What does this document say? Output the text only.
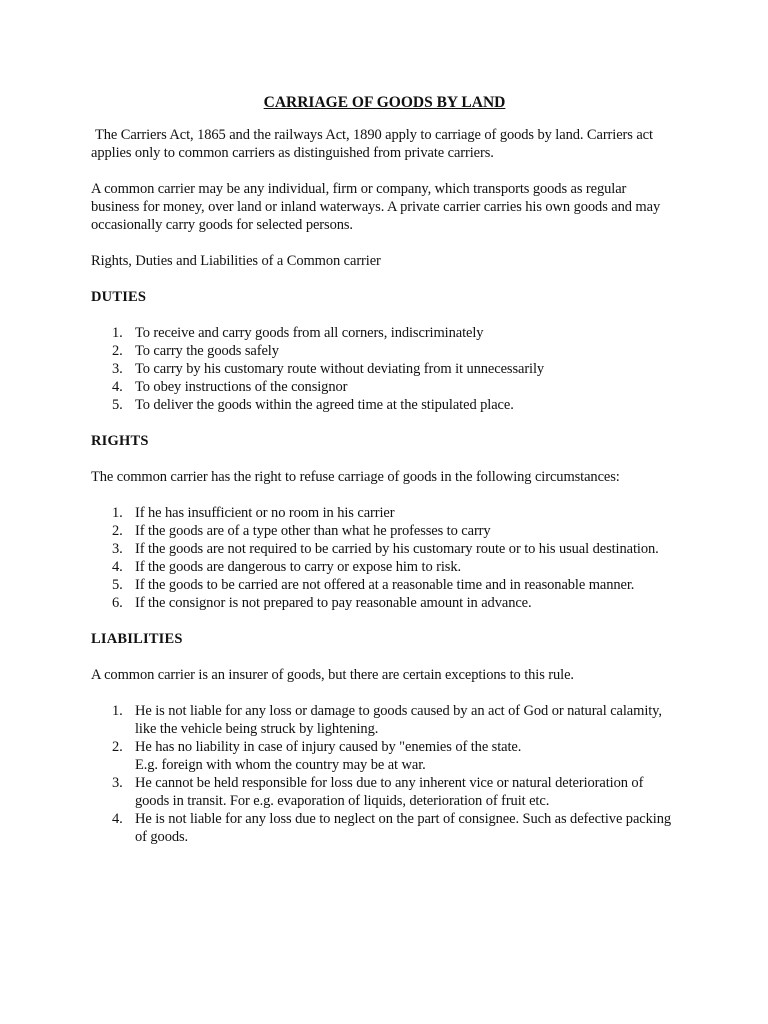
CARRIAGE OF GOODS BY LAND

The Carriers Act, 1865 and the railways Act, 1890 apply to carriage of goods by land. Carriers act applies only to common carriers as distinguished from private carriers.

A common carrier may be any individual, firm or company, which transports goods as regular business for money, over land or inland waterways. A private carrier carries his own goods and may occasionally carry goods for selected persons.

Rights, Duties and Liabilities of a Common carrier

DUTIES
1. To receive and carry goods from all corners, indiscriminately
2. To carry the goods safely
3. To carry by his customary route without deviating from it unnecessarily
4. To obey instructions of the consignor
5. To deliver the goods within the agreed time at the stipulated place.
RIGHTS

The common carrier has the right to refuse carriage of goods in the following circumstances:

1. If he has insufficient or no room in his carrier
2. If the goods are of a type other than what he professes to carry
3. If the goods are not required to be carried by his customary route or to his usual destination.
4. If the goods are dangerous to carry or expose him to risk.
5. If the goods to be carried are not offered at a reasonable time and in reasonable manner.
6. If the consignor is not prepared to pay reasonable amount in advance.
LIABILITIES

A common carrier is an insurer of goods, but there are certain exceptions to this rule.

1. He is not liable for any loss or damage to goods caused by an act of God or natural calamity, like the vehicle being struck by lightening.
2. He has no liability in case of injury caused by "enemies of the state.
E.g. foreign with whom the country may be at war.
3. He cannot be held responsible for loss due to any inherent vice or natural deterioration of goods in transit. For e.g. evaporation of liquids, deterioration of fruit etc.
4. He is not liable for any loss due to neglect on the part of consignee. Such as defective packing of goods.
